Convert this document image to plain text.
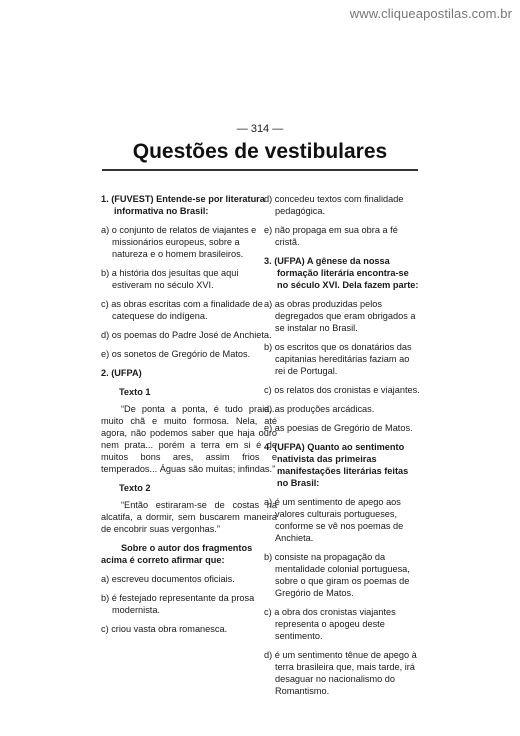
www.cliqueapostilas.com.br
— 314 —
Questões de vestibulares
1. (FUVEST) Entende-se por literatura informativa no Brasil:
a) o conjunto de relatos de viajantes e missionários europeus, sobre a natureza e o homem brasileiros.
b) a história dos jesuítas que aqui estiveram no século XVI.
c) as obras escritas com a finalidade de catequese do indígena.
d) os poemas do Padre José de Anchieta.
e) os sonetos de Gregório de Matos.
2. (UFPA)
Texto 1
“De ponta a ponta, é tudo praia... muito chã e muito formosa. Nela, até agora, não podemos saber que haja ouro nem prata... porém a terra em si é de muitos bons ares, assim frios e temperados... Águas são muitas; infindas.”
Texto 2
“Então estiraram-se de costas na alcatifa, a dormir, sem buscarem maneira de encobrir suas vergonhas.”
Sobre o autor dos fragmentos acima é correto afirmar que:
a) escreveu documentos oficiais.
b) é festejado representante da prosa modernista.
c) criou vasta obra romanesca.
d) concedeu textos com finalidade pedagógica.
e) não propaga em sua obra a fé cristã.
3. (UFPA) A gênese da nossa formação literária encontra-se no século XVI. Dela fazem parte:
a) as obras produzidas pelos degregados que eram obrigados a se instalar no Brasil.
b) os escritos que os donatários das capitanias hereditárias faziam ao rei de Portugal.
c) os relatos dos cronistas e viajantes.
d) as produções arcádicas.
e) as poesias de Gregório de Matos.
4. (UFPA) Quanto ao sentimento nativista das primeiras manifestações literárias feitas no Brasil:
a) é um sentimento de apego aos valores culturais portugueses, conforme se vê nos poemas de Anchieta.
b) consiste na propagação da mentalidade colonial portuguesa, sobre o que giram os poemas de Gregório de Matos.
c) a obra dos cronistas viajantes representa o apogeu deste sentimento.
d) é um sentimento tênue de apego à terra brasileira que, mais tarde, irá desaguar no nacionalismo do Romantismo.
